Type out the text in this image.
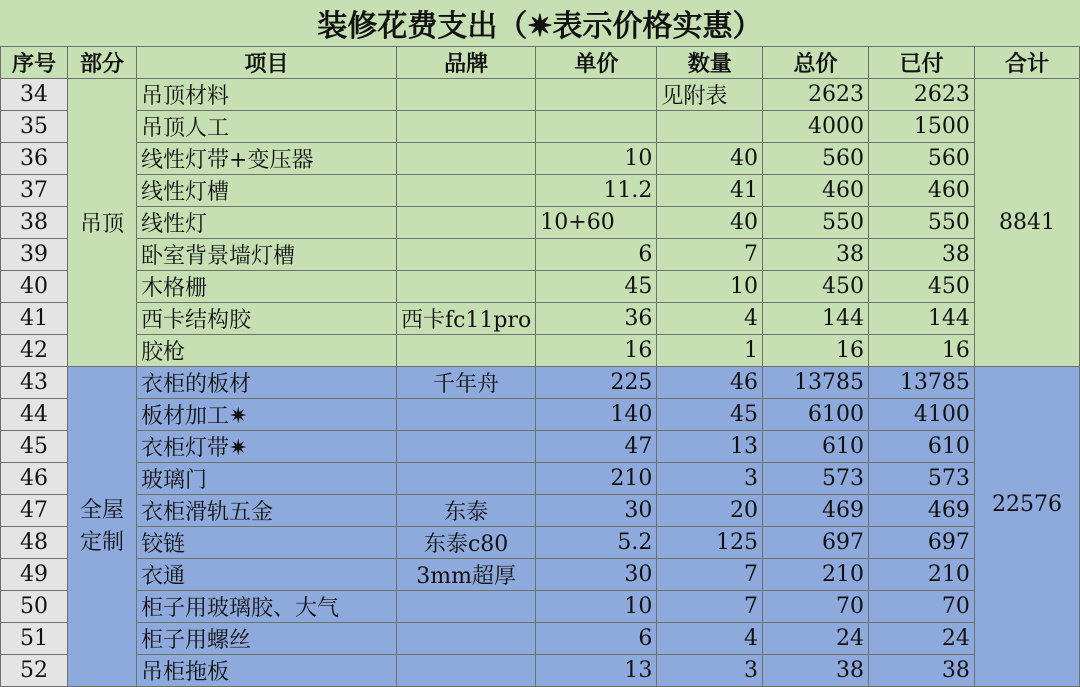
装修花费支出（✷表示价格实惠）
序号	部分	项目	品牌	单价	数量	总价	已付	合计
34	吊顶	吊顶材料			见附表	2623	2623	8841
35		吊顶人工				4000	1500	
36		线性灯带+变压器		10	40	560	560	
37		线性灯槽		11.2	41	460	460	
38		线性灯		10+60	40	550	550	
39		卧室背景墙灯槽		6	7	38	38	
40		木格栅		45	10	450	450	
41		西卡结构胶	西卡fc11pro	36	4	144	144	
42		胶枪		16	1	16	16	
43	全屋定制	衣柜的板材	千年舟	225	46	13785	13785	22576
44		板材加工✷		140	45	6100	4100	
45		衣柜灯带✷		47	13	610	610	
46		玻璃门		210	3	573	573	
47		衣柜滑轨五金	东泰	30	20	469	469	
48		铰链	东泰c80	5.2	125	697	697	
49		衣通	3mm超厚	30	7	210	210	
50		柜子用玻璃胶、大气		10	7	70	70	
51		柜子用螺丝		6	4	24	24	
52		吊柜拖板		13	3	38	38	
